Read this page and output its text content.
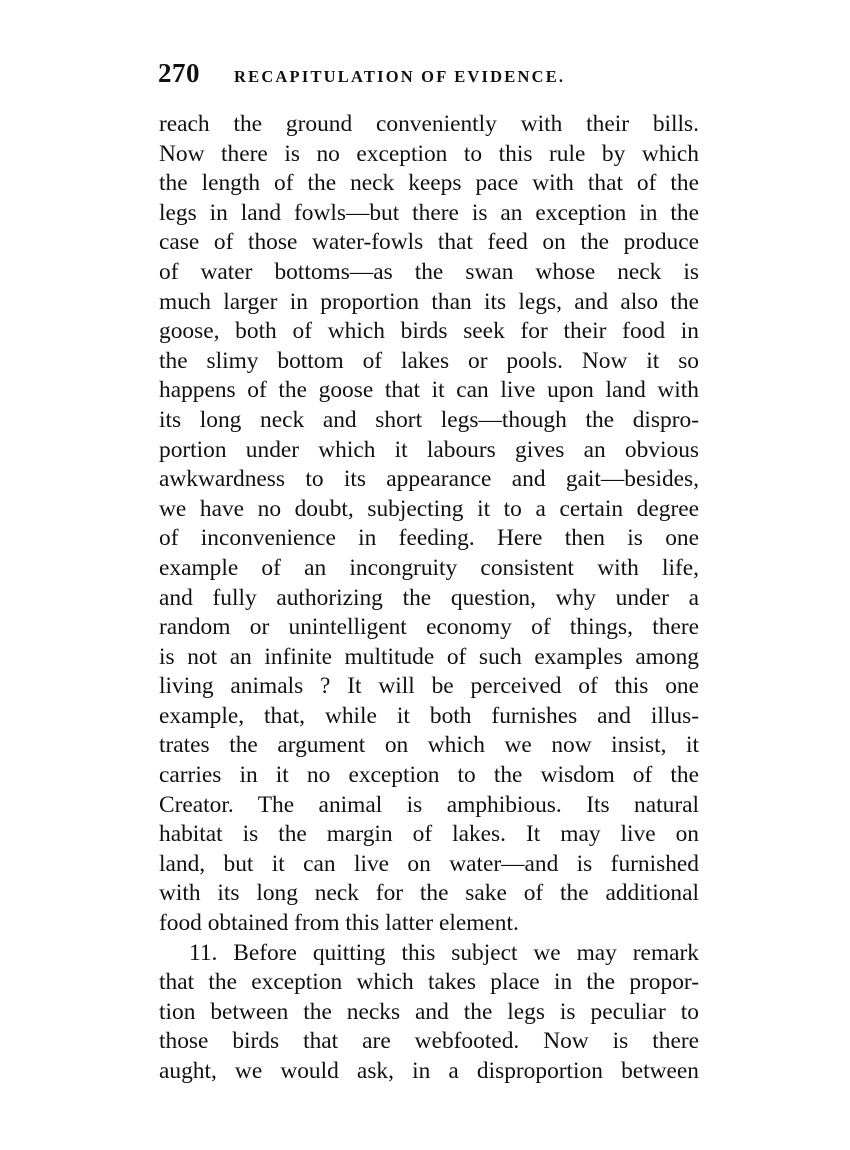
270 RECAPITULATION OF EVIDENCE.
reach the ground conveniently with their bills.
Now there is no exception to this rule by which
the length of the neck keeps pace with that of the
legs in land fowls—but there is an exception in the
case of those water-fowls that feed on the produce
of water bottoms—as the swan whose neck is
much larger in proportion than its legs, and also the
goose, both of which birds seek for their food in
the slimy bottom of lakes or pools. Now it so
happens of the goose that it can live upon land with
its long neck and short legs—though the dispro-
portion under which it labours gives an obvious
awkwardness to its appearance and gait—besides,
we have no doubt, subjecting it to a certain degree
of inconvenience in feeding. Here then is one
example of an incongruity consistent with life,
and fully authorizing the question, why under a
random or unintelligent economy of things, there
is not an infinite multitude of such examples among
living animals ? It will be perceived of this one
example, that, while it both furnishes and illus-
trates the argument on which we now insist, it
carries in it no exception to the wisdom of the
Creator. The animal is amphibious. Its natural
habitat is the margin of lakes. It may live on
land, but it can live on water—and is furnished
with its long neck for the sake of the additional
food obtained from this latter element.
11. Before quitting this subject we may remark
that the exception which takes place in the propor-
tion between the necks and the legs is peculiar to
those birds that are webfooted. Now is there
aught, we would ask, in a disproportion between
